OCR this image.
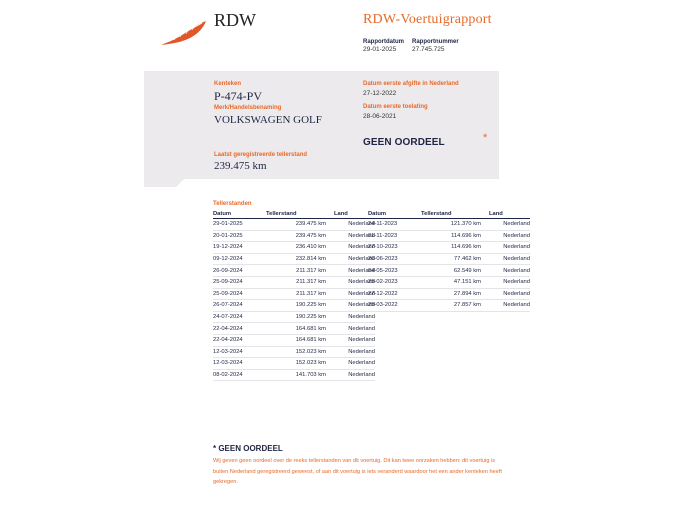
RDW	RDW-Voertuigrapport
Rapportdatum
29-01-2025
Rapportnummer
27.745.725
Kenteken
P-474-PV
Merk/Handelsbenaming
VOLKSWAGEN GOLF
Laatst geregistreerde tellerstand
239.475 km
Datum eerste afgifte in Nederland
27-12-2022
Datum eerste toelating
28-06-2021
GEEN OORDEEL	*
Tellerstanden
Datum	Tellerstand	Land
29-01-2025	239.475 km	Nederland
20-01-2025	239.475 km	Nederland
19-12-2024	236.410 km	Nederland
09-12-2024	232.814 km	Nederland
26-09-2024	211.317 km	Nederland
25-09-2024	211.317 km	Nederland
25-09-2024	211.317 km	Nederland
26-07-2024	190.225 km	Nederland
24-07-2024	190.225 km	Nederland
22-04-2024	164.681 km	Nederland
22-04-2024	164.681 km	Nederland
12-03-2024	152.023 km	Nederland
12-03-2024	152.023 km	Nederland
08-02-2024	141.703 km	Nederland
Datum	Tellerstand	Land
24-11-2023	121.370 km	Nederland
01-11-2023	114.696 km	Nederland
27-10-2023	114.696 km	Nederland
20-06-2023	77.462 km	Nederland
04-05-2023	62.549 km	Nederland
25-02-2023	47.151 km	Nederland
27-12-2022	27.894 km	Nederland
25-03-2022	27.857 km	Nederland
* GEEN OORDEEL
Wij geven geen oordeel over de reeks tellerstanden van dit voertuig. Dit kan twee oorzaken hebben: dit voertuig is buiten Nederland geregistreerd geweest, of aan dit voertuig is iets veranderd waardoor het een ander kenteken heeft gekregen.
